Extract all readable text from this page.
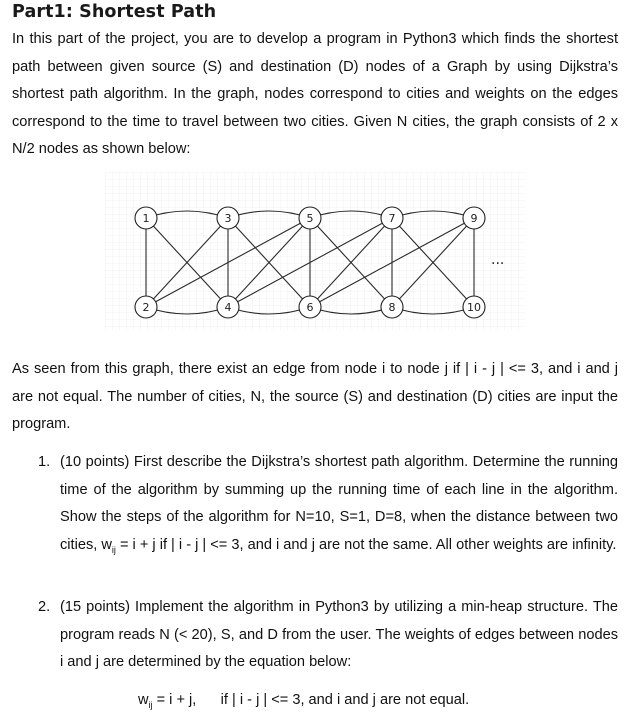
Part1: Shortest Path

In this part of the project, you are to develop a program in Python3 which finds the shortest path between given source (S) and destination (D) nodes of a Graph by using Dijkstra’s shortest path algorithm. In the graph, nodes correspond to cities and weights on the edges correspond to the time to travel between two cities. Given N cities, the graph consists of 2 x N/2 nodes as shown below:

1
2
3
4
5
6
7
8
9
10
···

As seen from this graph, there exist an edge from node i to node j if | i - j | <= 3, and i and j are not equal. The number of cities, N, the source (S) and destination (D) cities are input the program.

1. (10 points) First describe the Dijkstra’s shortest path algorithm. Determine the running time of the algorithm by summing up the running time of each line in the algorithm. Show the steps of the algorithm for N=10, S=1, D=8, when the distance between two cities, $w_{ij} = i + j$ if | i - j | <= 3, and i and j are not the same. All other weights are infinity.
2. (15 points) Implement the algorithm in Python3 by utilizing a min-heap structure. The program reads N (< 20), S, and D from the user. The weights of edges between nodes i and j are determined by the equation below:
$w_{ij} = i + j$,      if | i - j | <= 3, and i and j are not equal.
